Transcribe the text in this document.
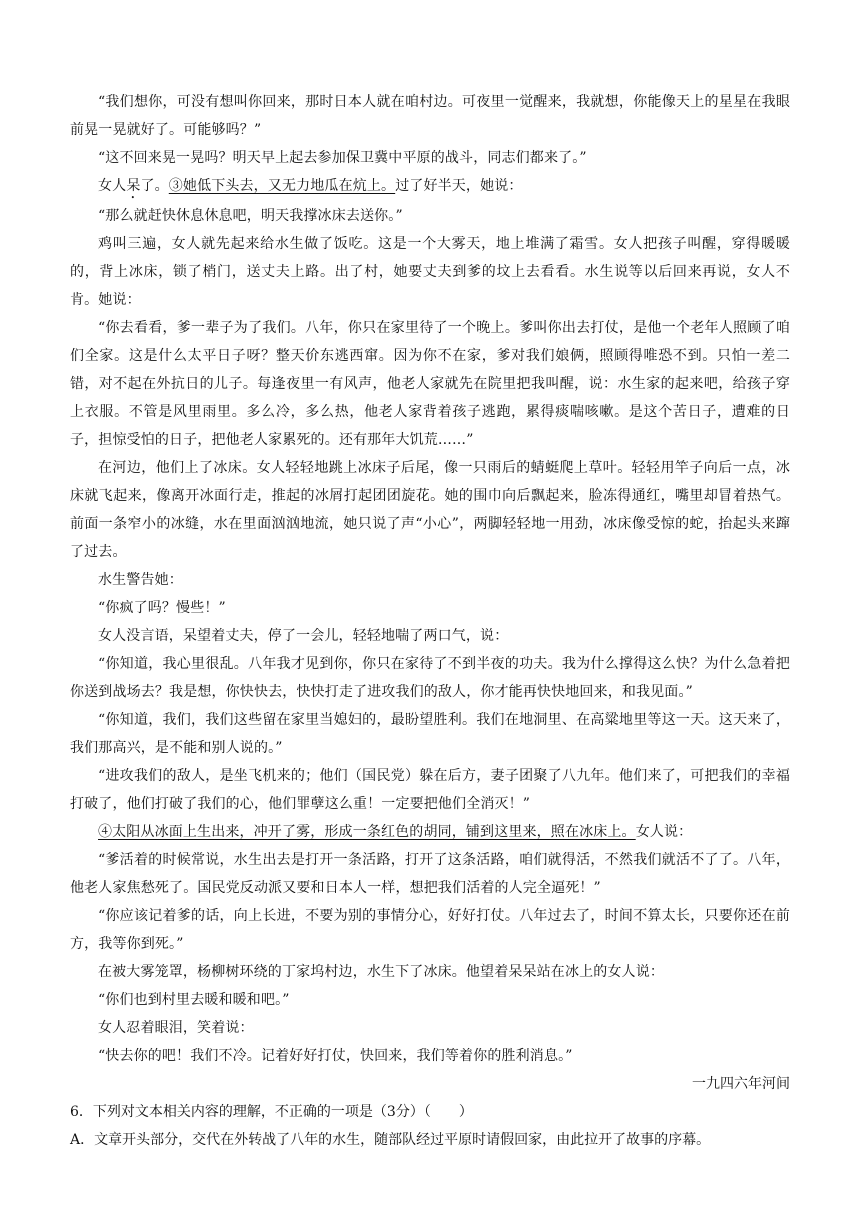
“我们想你，可没有想叫你回来，那时日本人就在咱村边。可夜里一觉醒来，我就想，你能像天上的星星在我眼前晃一晃就好了。可能够吗？”

“这不回来晃一晃吗？明天早上起去参加保卫冀中平原的战斗，同志们都来了。”

女人呆了。③她低下头去，又无力地瓜在炕上。过了好半天，她说：

“那么就赶快休息休息吧，明天我撑冰床去送你。”

鸡叫三遍，女人就先起来给水生做了饭吃。这是一个大雾天，地上堆满了霜雪。女人把孩子叫醒，穿得暖暖的，背上冰床，锁了梢门，送丈夫上路。出了村，她要丈夫到爹的坟上去看看。水生说等以后回来再说，女人不肯。她说：

“你去看看，爹一辈子为了我们。八年，你只在家里待了一个晚上。爹叫你出去打仗，是他一个老年人照顾了咱们全家。这是什么太平日子呀？整天价东逃西窜。因为你不在家，爹对我们娘俩，照顾得唯恐不到。只怕一差二错，对不起在外抗日的儿子。每逢夜里一有风声，他老人家就先在院里把我叫醒，说：水生家的起来吧，给孩子穿上衣服。不管是风里雨里。多么冷，多么热，他老人家背着孩子逃跑，累得痰喘咳嗽。是这个苦日子，遭难的日子，担惊受怕的日子，把他老人家累死的。还有那年大饥荒……”

在河边，他们上了冰床。女人轻轻地跳上冰床子后尾，像一只雨后的蜻蜓爬上草叶。轻轻用竿子向后一点，冰床就飞起来，像离开冰面行走，推起的冰屑打起团团旋花。她的围巾向后飘起来，脸冻得通红，嘴里却冒着热气。前面一条窄小的冰缝，水在里面汹汹地流，她只说了声“小心”，两脚轻轻地一用劲，冰床像受惊的蛇，抬起头来蹿了过去。

水生警告她：

“你疯了吗？慢些！”

女人没言语，呆望着丈夫，停了一会儿，轻轻地喘了两口气，说：

“你知道，我心里很乱。八年我才见到你，你只在家待了不到半夜的功夫。我为什么撑得这么快？为什么急着把你送到战场去？我是想，你快快去，快快打走了进攻我们的敌人，你才能再快快地回来，和我见面。”

“你知道，我们，我们这些留在家里当媳妇的，最盼望胜利。我们在地洞里、在高粱地里等这一天。这天来了，我们那高兴，是不能和别人说的。”

“进攻我们的敌人，是坐飞机来的；他们（国民党）躲在后方，妻子团聚了八九年。他们来了，可把我们的幸福打破了，他们打破了我们的心，他们罪孽这么重！一定要把他们全消灭！”

④太阳从冰面上生出来，冲开了雾，形成一条红色的胡同，铺到这里来，照在冰床上。女人说：

“爹活着的时候常说，水生出去是打开一条活路，打开了这条活路，咱们就得活，不然我们就活不了了。八年，他老人家焦愁死了。国民党反动派又要和日本人一样，想把我们活着的人完全逼死！”

“你应该记着爹的话，向上长进，不要为别的事情分心，好好打仗。八年过去了，时间不算太长，只要你还在前方，我等你到死。”

在被大雾笼罩，杨柳树环绕的丁家坞村边，水生下了冰床。他望着呆呆站在冰上的女人说：

“你们也到村里去暖和暖和吧。”

女人忍着眼泪，笑着说：

“快去你的吧！我们不冷。记着好好打仗，快回来，我们等着你的胜利消息。”

一九四六年河间

6．下列对文本相关内容的理解，不正确的一项是（3分）（　　）

A．文章开头部分，交代在外转战了八年的水生，随部队经过平原时请假回家，由此拉开了故事的序幕。
